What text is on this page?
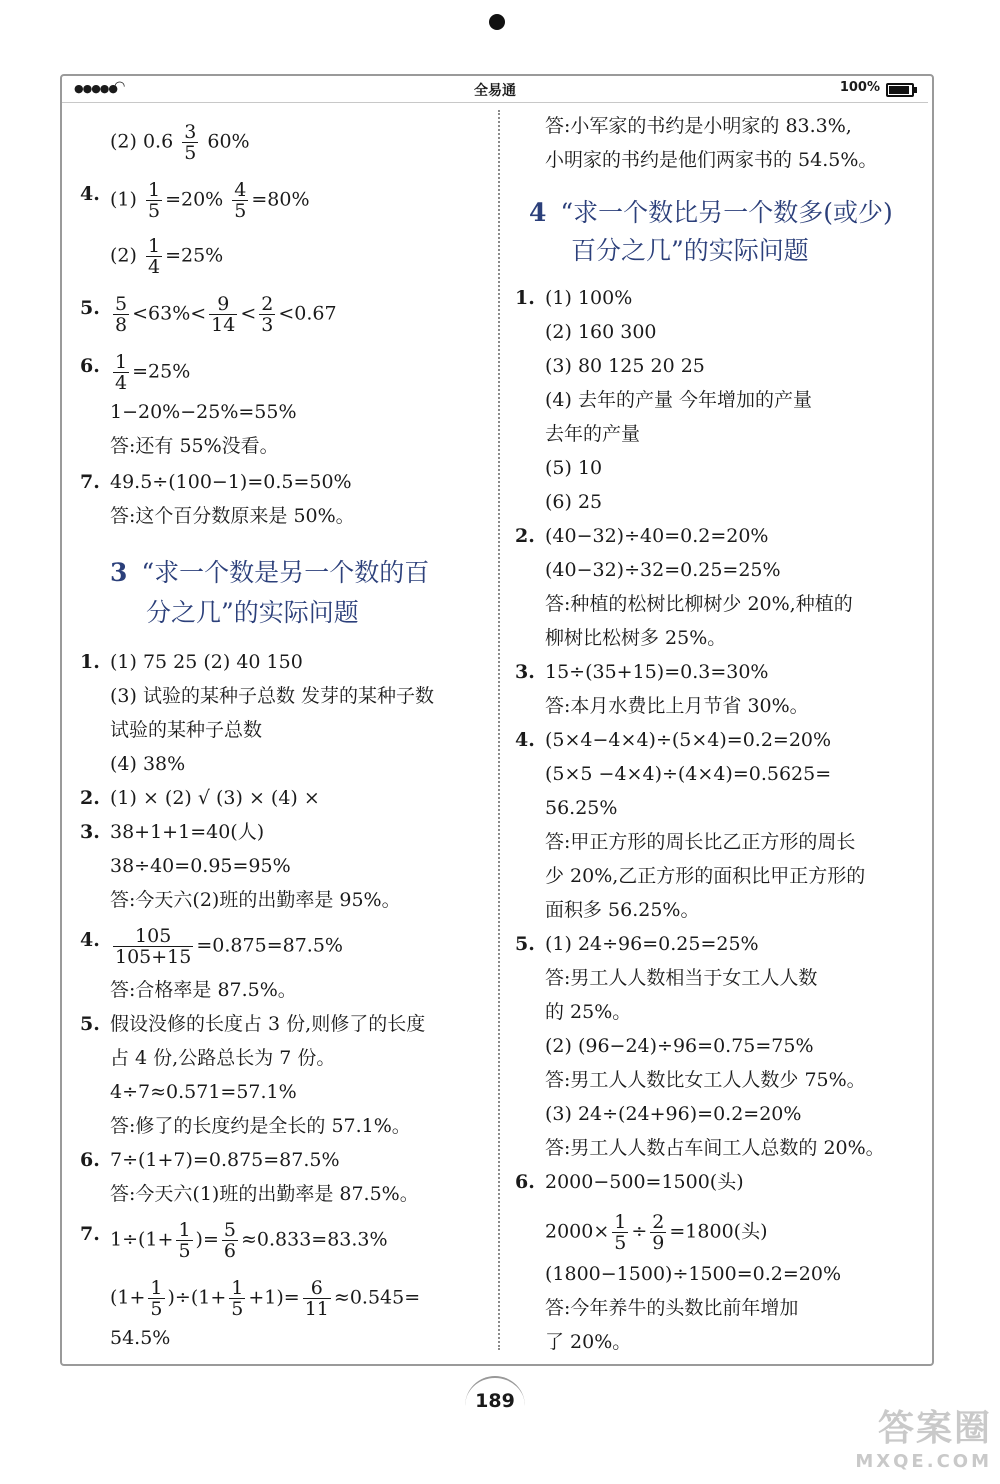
●●●●●
◠	全易通	100%
(2) $0.6 \frac{3}{5} 60\%$
4. $(1) \frac{1}{5} =20\% \frac{4}{5} =80\%$
$(2) \frac{1}{4} =25\%$
5. $\frac{5}{8} <63\%< \frac{9}{14} < \frac{2}{3} <0.67$
6. $\frac{1}{4} =25\%$
1−20%−25%=55%
答:还有 55%没看。
7. 49.5÷(100−1)=0.5=50%
答:这个百分数原来是 50%。
3 “求一个数是另一个数的百
分之几”的实际问题
1. (1) 75 25 (2) 40 150
(3) 试验的某种子总数 发芽的某种子数
试验的某种子总数
(4) 38%
2. (1) × (2) √ (3) × (4) ×
3. 38+1+1=40(人)
38÷40=0.95=95%
答:今天六(2)班的出勤率是 95%。
4. $\frac{105}{105+15} =0.875=87.5\%$
答:合格率是 87.5%。
5. 假设没修的长度占 3 份,则修了的长度
占 4 份,公路总长为 7 份。
4÷7≈0.571=57.1%
答:修了的长度约是全长的 57.1%。
6. 7÷(1+7)=0.875=87.5%
答:今天六(1)班的出勤率是 87.5%。
7. $1\div(1+ \frac{1}{5}$ )= $\frac{5}{6} \approx 0.833=83.3\%$
$(1+ \frac{1}{5} )\div(1+ \frac{1}{5} +1)= \frac{6}{11} \approx 0.545=$
54.5%
答:小军家的书约是小明家的 83.3%,
小明家的书约是他们两家书的 54.5%。
4 “求一个数比另一个数多(或少)
百分之几”的实际问题
1. (1) 100%
(2) 160 300
(3) 80 125 20 25
(4) 去年的产量 今年增加的产量
去年的产量
(5) 10
(6) 25
2. (40−32)÷40=0.2=20%
(40−32)÷32=0.25=25%
答:种植的松树比柳树少 20%,种植的
柳树比松树多 25%。
3. 15÷(35+15)=0.3=30%
答:本月水费比上月节省 30%。
4. (5×4−4×4)÷(5×4)=0.2=20%
(5×5 −4×4)÷(4×4)=0.5625=
56.25%
答:甲正方形的周长比乙正方形的周长
少 20%,乙正方形的面积比甲正方形的
面积多 56.25%。
5. (1) 24÷96=0.25=25%
答:男工人人数相当于女工人人数
的 25%。
(2) (96−24)÷96=0.75=75%
答:男工人人数比女工人人数少 75%。
(3) 24÷(24+96)=0.2=20%
答:男工人人数占车间工人总数的 20%。
6. 2000−500=1500(头)
$2000\times \frac{1}{5} \div \frac{2}{9} =1800$(头)
(1800−1500)÷1500=0.2=20%
答:今年养牛的头数比前年增加
了 20%。
189
答案圈
MXQE.COM
